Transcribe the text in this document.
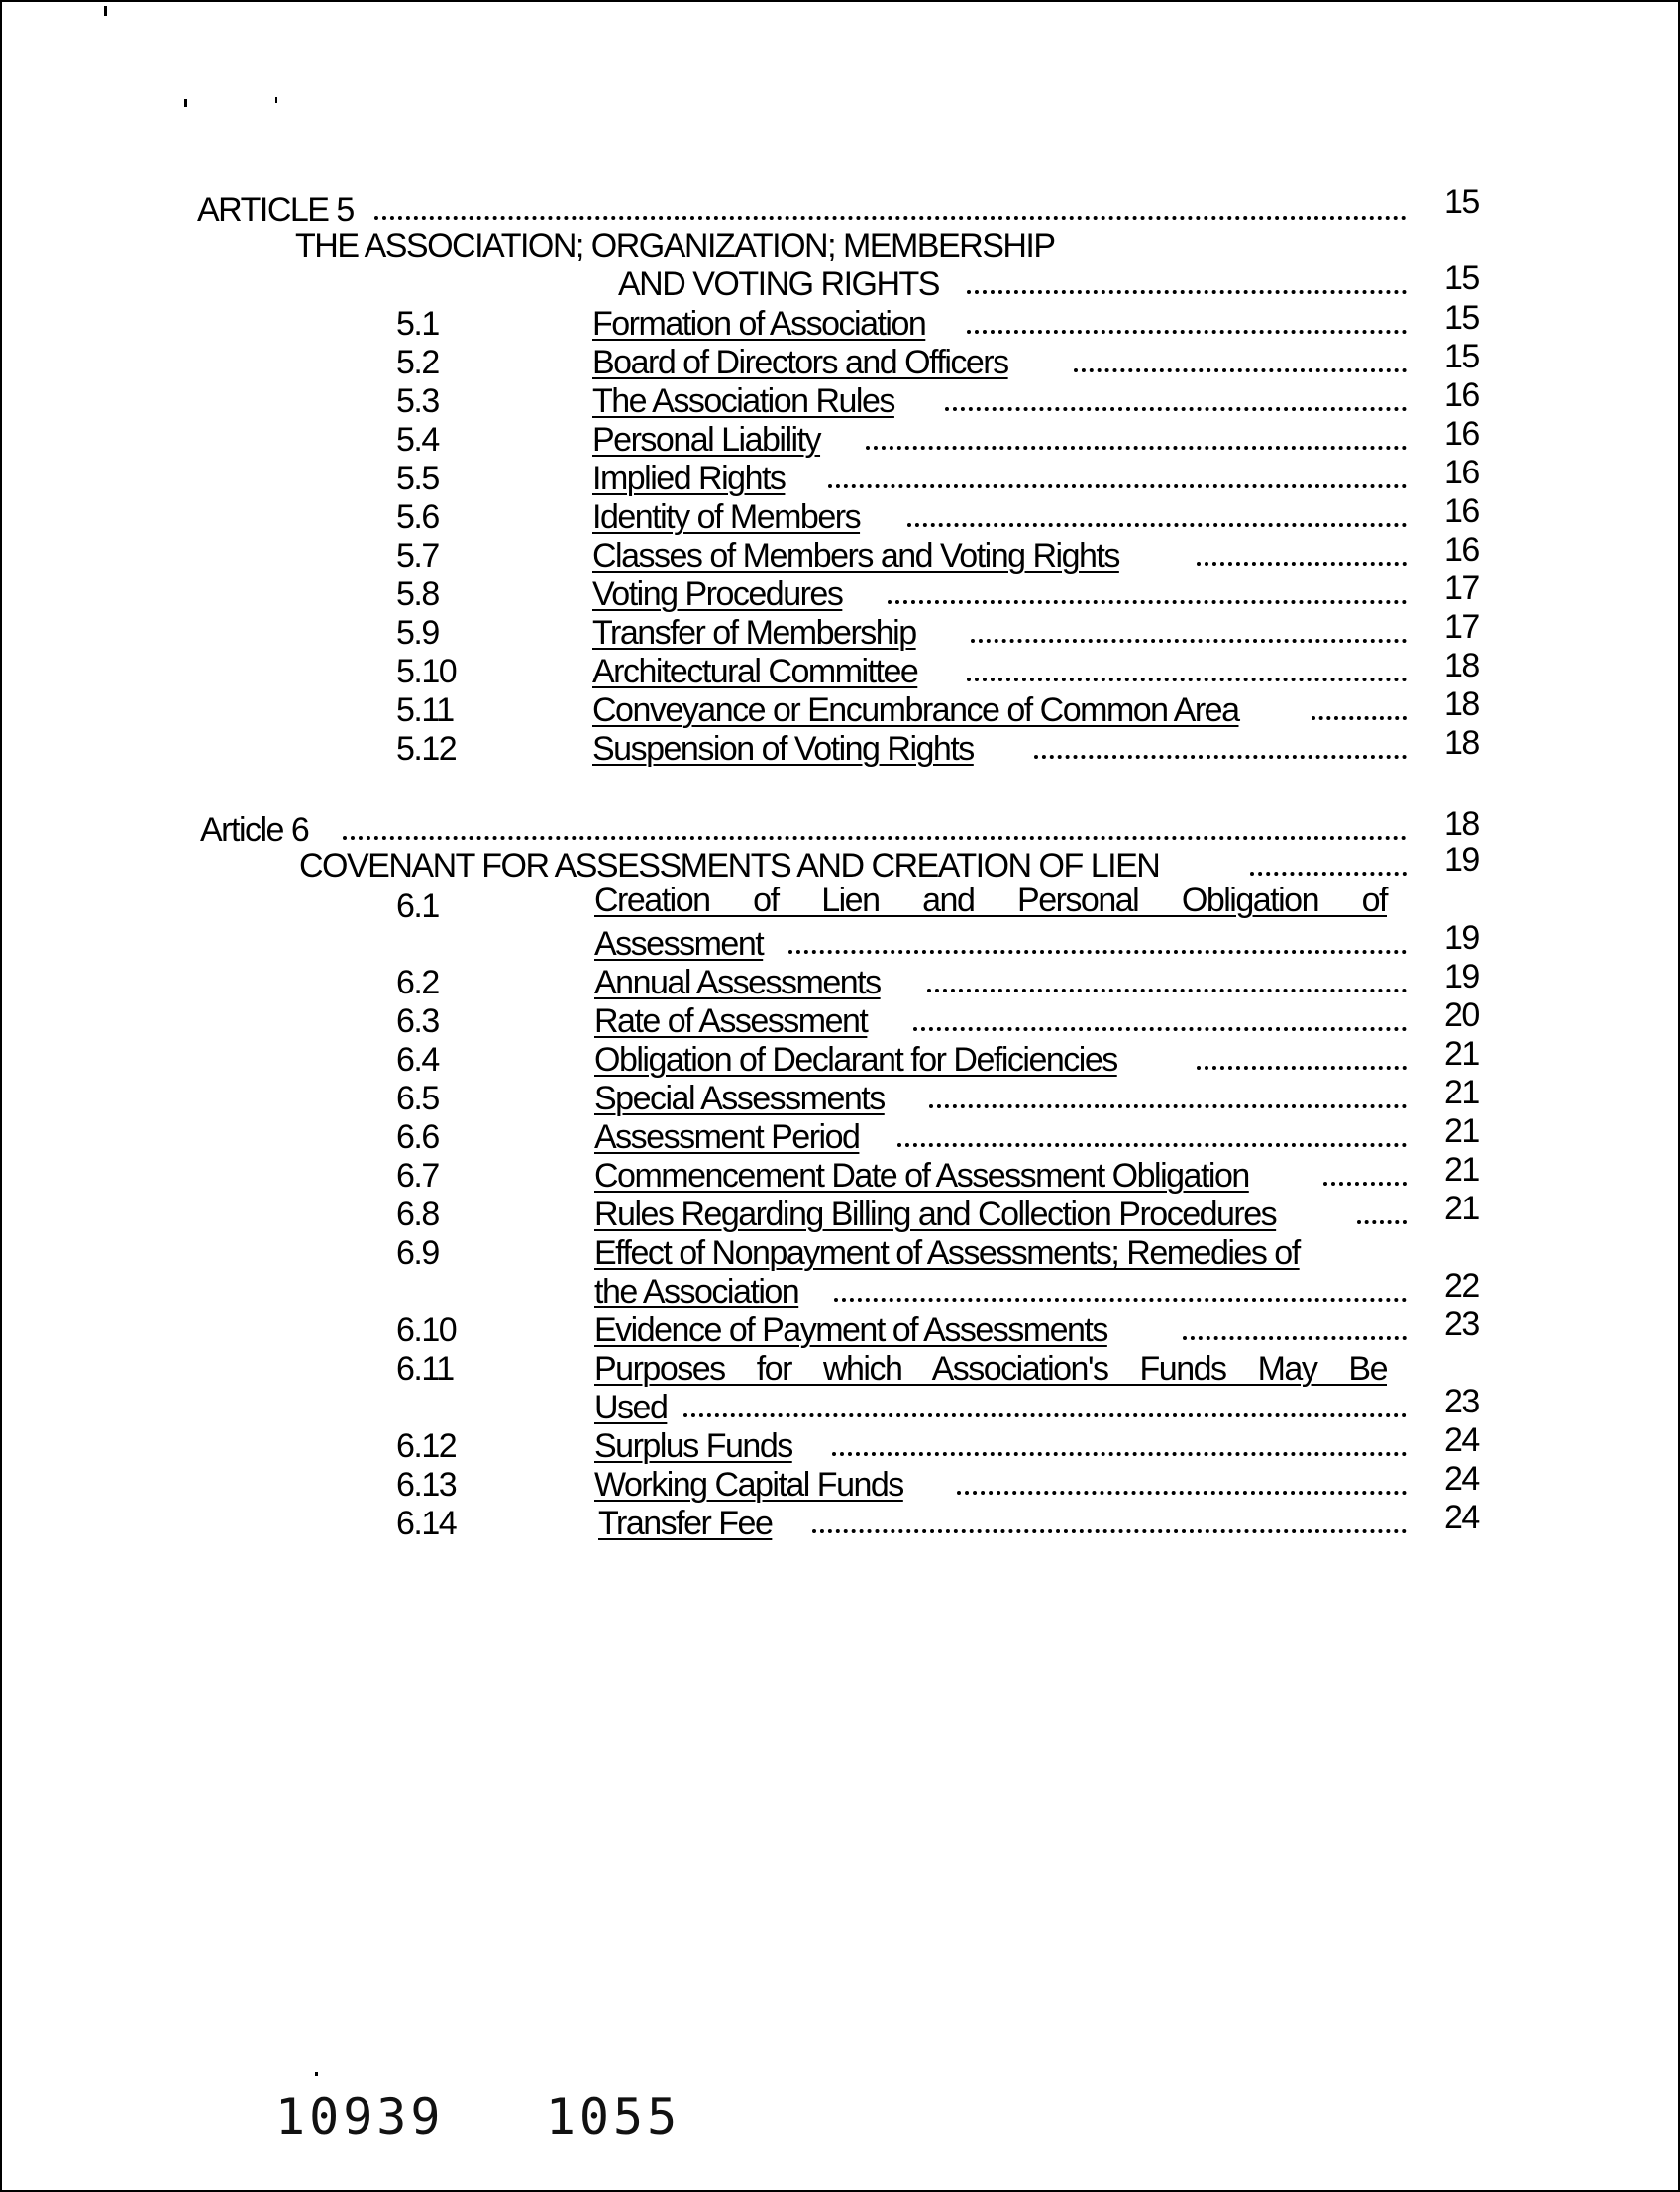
ARTICLE 5	15
THE ASSOCIATION; ORGANIZATION; MEMBERSHIP
AND VOTING RIGHTS	15
5.1	Formation of Association	15
5.2	Board of Directors and Officers	15
5.3	The Association Rules	16
5.4	Personal Liability	16
5.5	Implied Rights	16
5.6	Identity of Members	16
5.7	Classes of Members and Voting Rights	16
5.8	Voting Procedures	17
5.9	Transfer of Membership	17
5.10	Architectural Committee	18
5.11	Conveyance or Encumbrance of Common Area	18
5.12	Suspension of Voting Rights	18
Article 6	18
COVENANT FOR ASSESSMENTS AND CREATION OF LIEN	19
6.1	Creation of Lien and Personal Obligation of
Assessment	19
6.2	Annual Assessments	19
6.3	Rate of Assessment	20
6.4	Obligation of Declarant for Deficiencies	21
6.5	Special Assessments	21
6.6	Assessment Period	21
6.7	Commencement Date of Assessment Obligation	21
6.8	Rules Regarding Billing and Collection Procedures	21
6.9	Effect of Nonpayment of Assessments; Remedies of
the Association	22
6.10	Evidence of Payment of Assessments	23
6.11	Purposes for which Association's Funds May Be
Used	23
6.12	Surplus Funds	24
6.13	Working Capital Funds	24
6.14	Transfer Fee	24
10939   1055
